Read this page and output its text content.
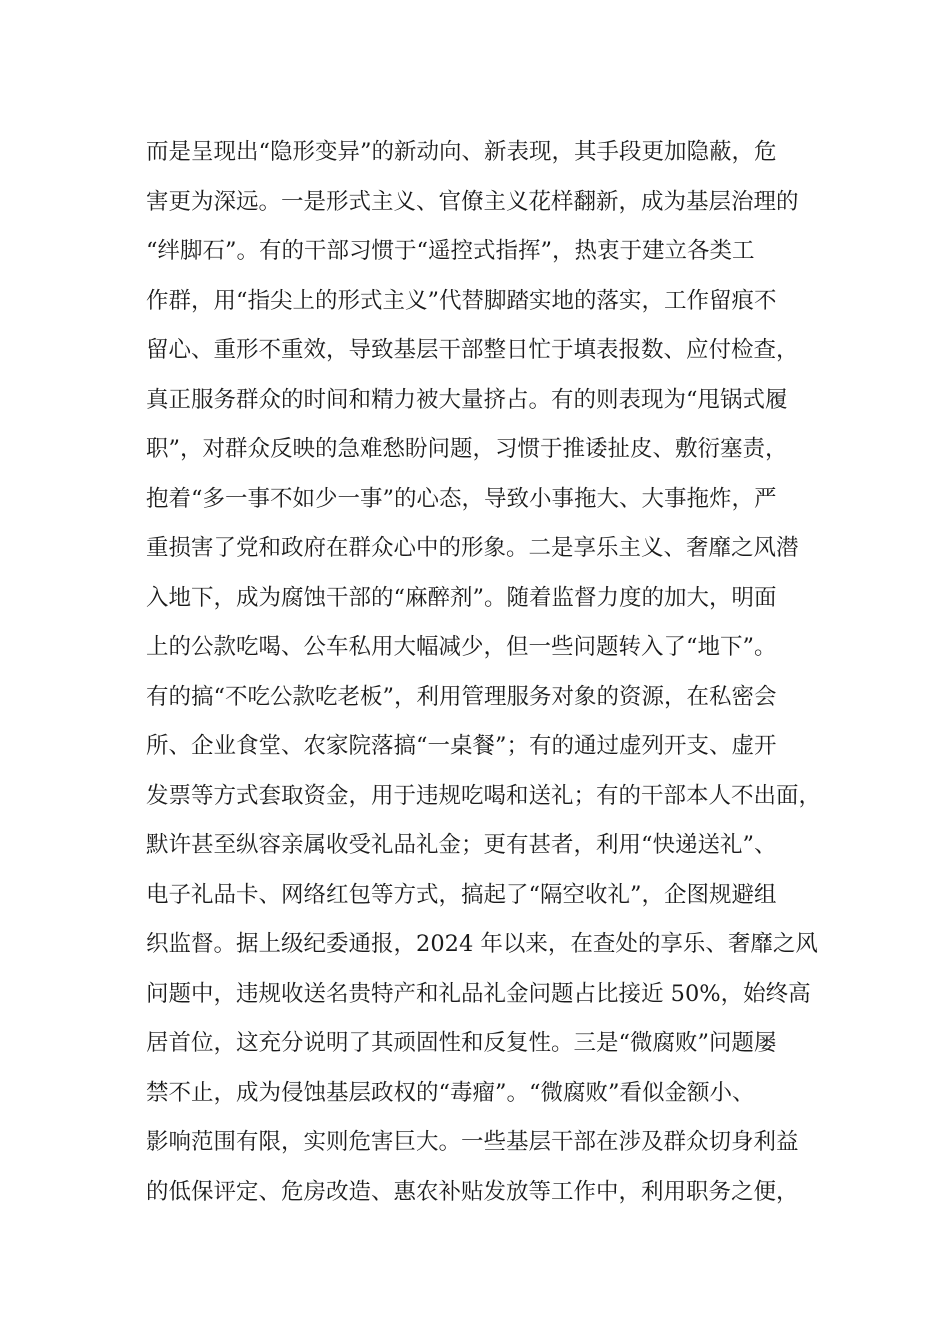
而是呈现出“隐形变异”的新动向、新表现，其手段更加隐蔽，危
害更为深远。一是形式主义、官僚主义花样翻新，成为基层治理的
“绊脚石”。有的干部习惯于“遥控式指挥”，热衷于建立各类工
作群，用“指尖上的形式主义”代替脚踏实地的落实，工作留痕不
留心、重形不重效，导致基层干部整日忙于填表报数、应付检查，
真正服务群众的时间和精力被大量挤占。有的则表现为“甩锅式履
职”，对群众反映的急难愁盼问题，习惯于推诿扯皮、敷衍塞责，
抱着“多一事不如少一事”的心态，导致小事拖大、大事拖炸，严
重损害了党和政府在群众心中的形象。二是享乐主义、奢靡之风潜
入地下，成为腐蚀干部的“麻醉剂”。随着监督力度的加大，明面
上的公款吃喝、公车私用大幅减少，但一些问题转入了“地下”。
有的搞“不吃公款吃老板”，利用管理服务对象的资源，在私密会
所、企业食堂、农家院落搞“一桌餐”；有的通过虚列开支、虚开
发票等方式套取资金，用于违规吃喝和送礼；有的干部本人不出面，
默许甚至纵容亲属收受礼品礼金；更有甚者，利用“快递送礼”、
电子礼品卡、网络红包等方式，搞起了“隔空收礼”，企图规避组
织监督。据上级纪委通报，2024 年以来，在查处的享乐、奢靡之风
问题中，违规收送名贵特产和礼品礼金问题占比接近 50%，始终高
居首位，这充分说明了其顽固性和反复性。三是“微腐败”问题屡
禁不止，成为侵蚀基层政权的“毒瘤”。“微腐败”看似金额小、
影响范围有限，实则危害巨大。一些基层干部在涉及群众切身利益
的低保评定、危房改造、惠农补贴发放等工作中，利用职务之便，
